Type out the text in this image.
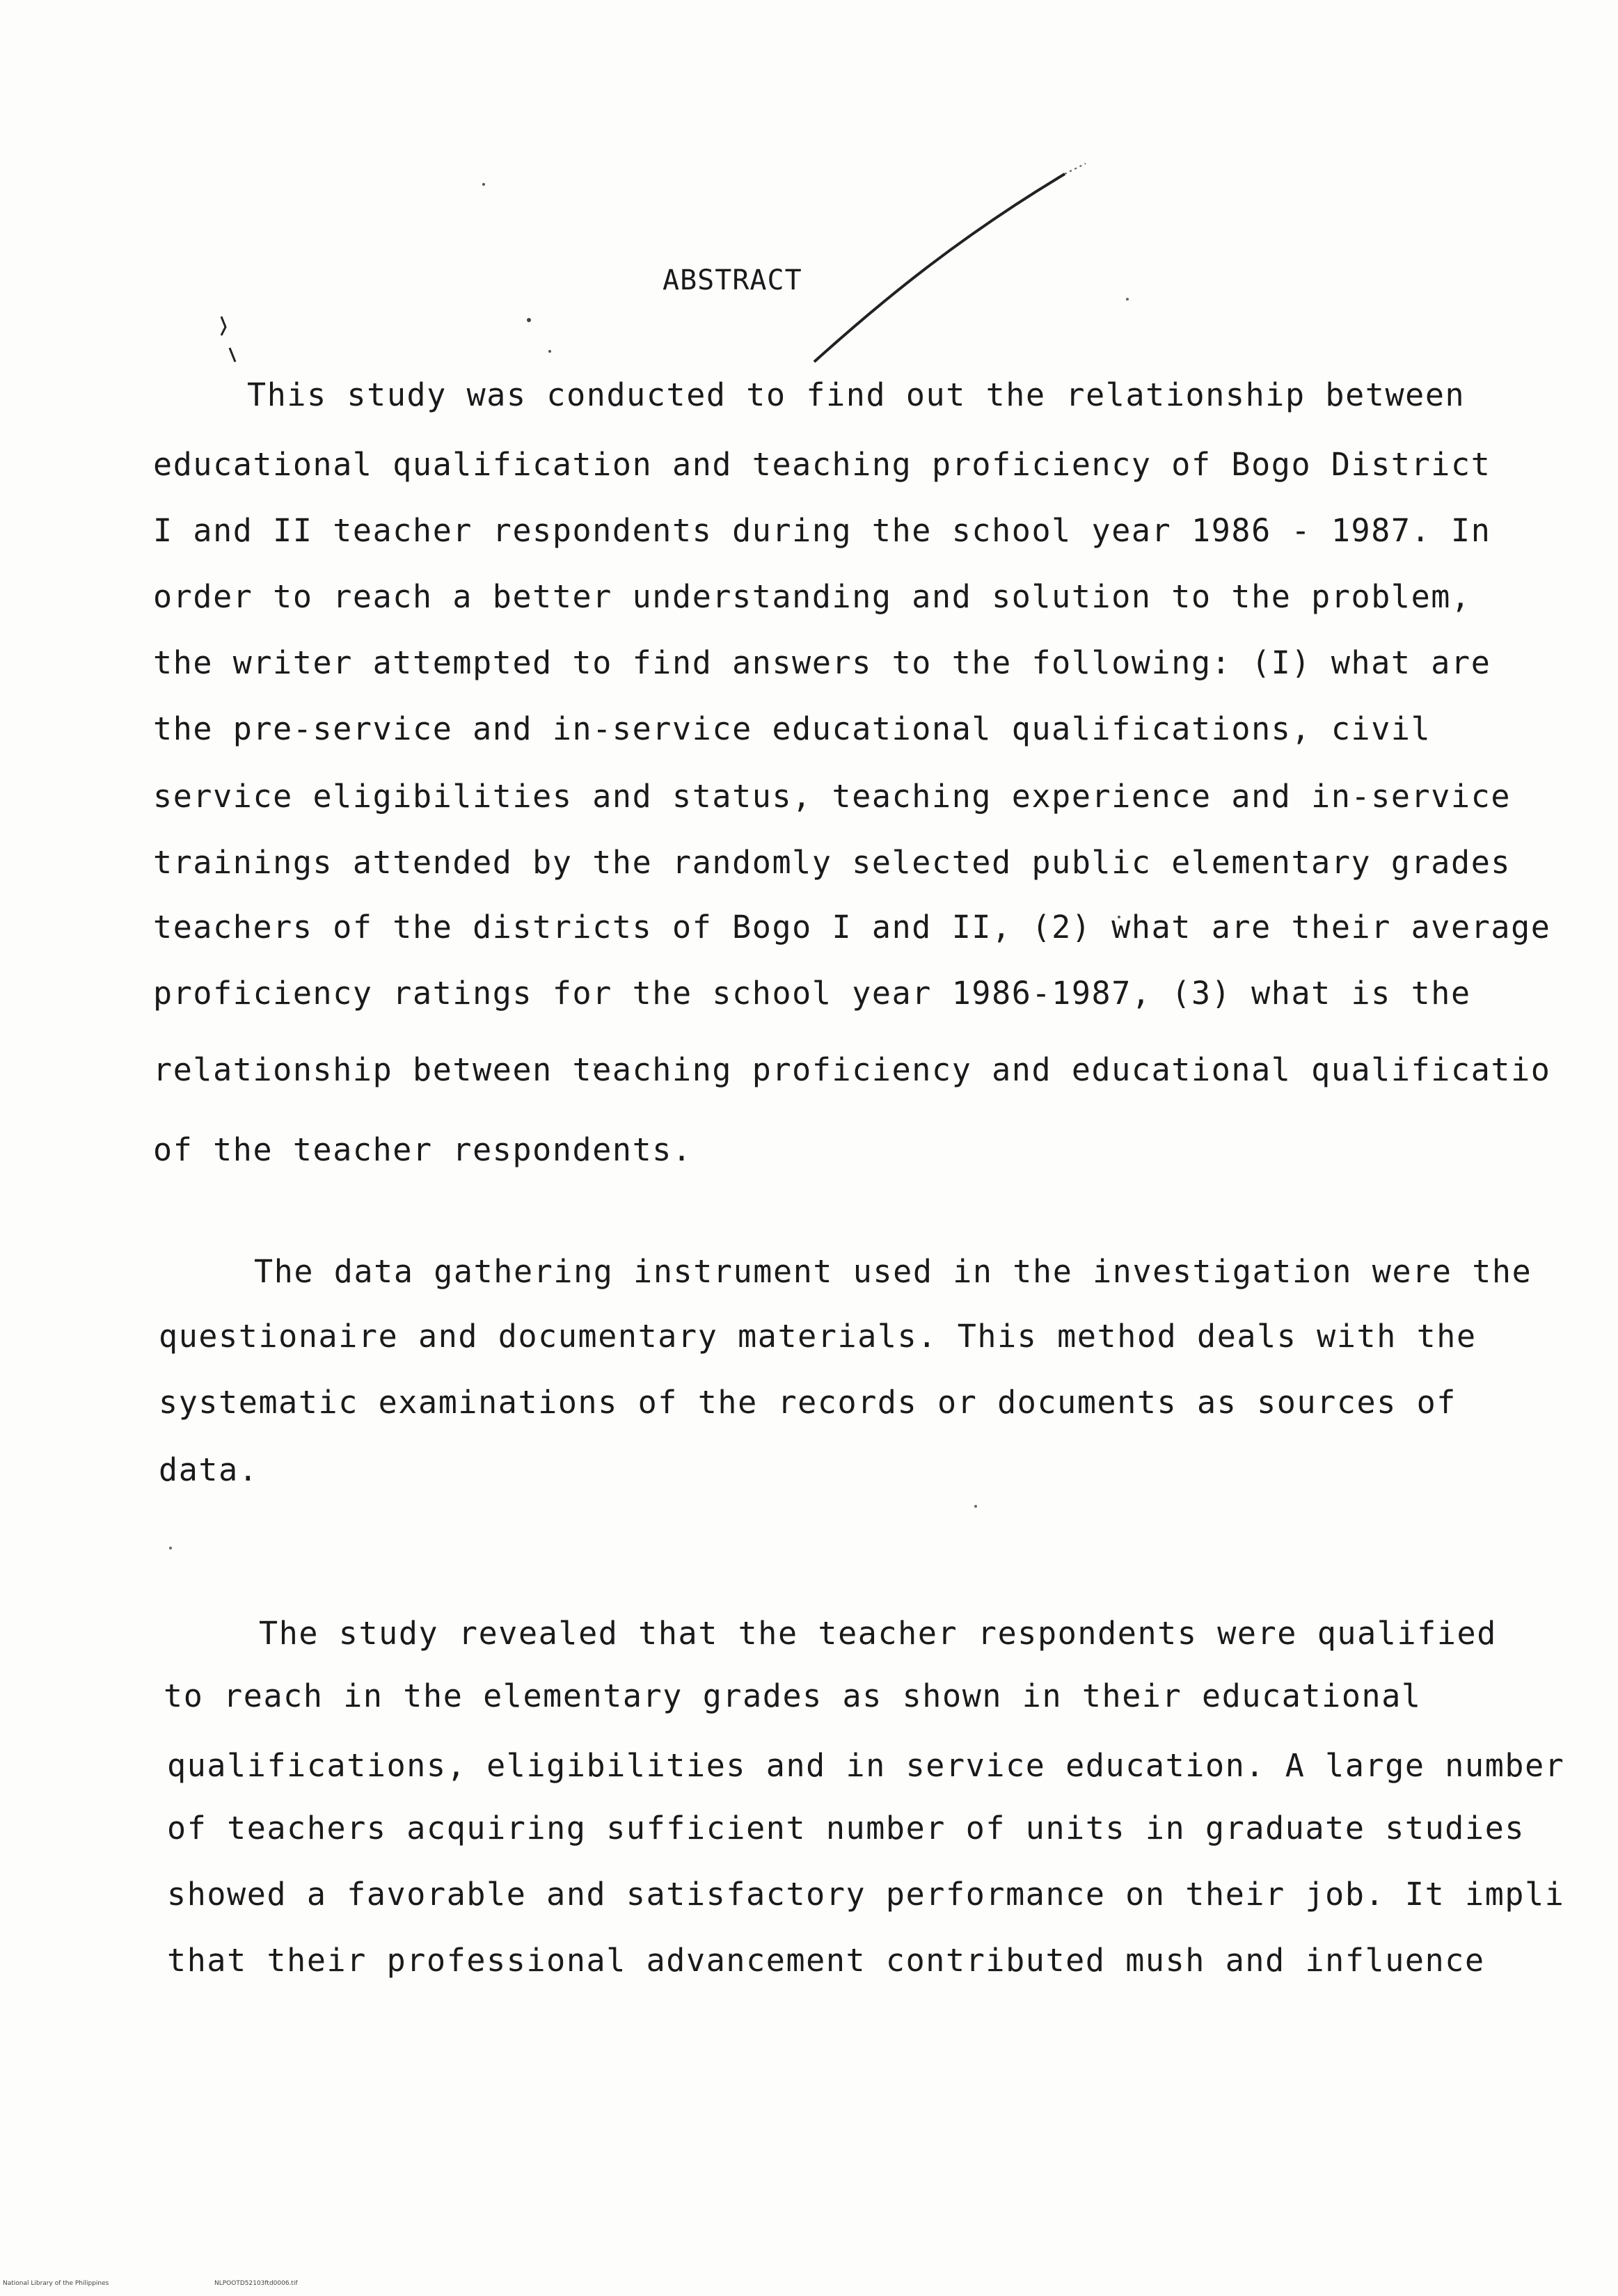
ABSTRACT
This study was conducted to find out the relationship between
educational qualification and teaching proficiency of Bogo District
I and II teacher respondents during the school year 1986 - 1987. In
order to reach a better understanding and solution to the problem,
the writer attempted to find answers to the following: (I) what are
the pre-service and in-service educational qualifications, civil
service eligibilities and status, teaching experience and in-service
trainings attended by the randomly selected public elementary grades
teachers of the districts of Bogo I and II, (2) what are their average
proficiency ratings for the school year 1986-1987, (3) what is the
relationship between teaching proficiency and educational qualificatio
of the teacher respondents.
The data gathering instrument used in the investigation were the
questionaire and documentary materials. This method deals with the
systematic examinations of the records or documents as sources of
data.
The study revealed that the teacher respondents were qualified
to reach in the elementary grades as shown in their educational
qualifications, eligibilities and in service education. A large number
of teachers acquiring sufficient number of units in graduate studies
showed a favorable and satisfactory performance on their job. It impli
that their professional advancement contributed mush and influence
National Library of the Philippines	NLPOOTD52103ftd0006.tif
